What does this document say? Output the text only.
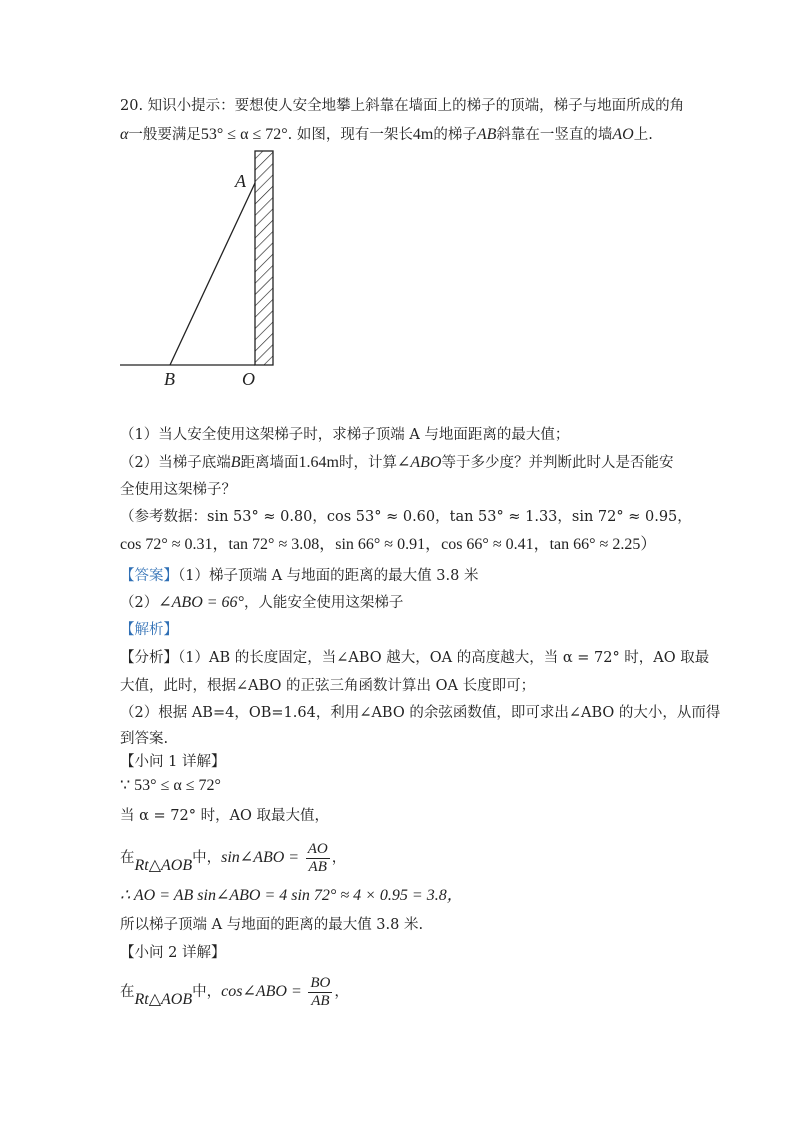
20. 知识小提示：要想使人安全地攀上斜靠在墙面上的梯子的顶端，梯子与地面所成的角
α一般要满足53° ≤ α ≤ 72°. 如图，现有一架长4m的梯子AB斜靠在一竖直的墙AO上.
A
B	O
（1）当人安全使用这架梯子时，求梯子顶端 A 与地面距离的最大值；
（2）当梯子底端B距离墙面1.64m时，计算∠ABO等于多少度？并判断此时人是否能安
全使用这架梯子？
（参考数据：sin 53° ≈ 0.80，cos 53° ≈ 0.60，tan 53° ≈ 1.33，sin 72° ≈ 0.95，
cos 72° ≈ 0.31，tan 72° ≈ 3.08，sin 66° ≈ 0.91，cos 66° ≈ 0.41，tan 66° ≈ 2.25）
【答案】（1）梯子顶端 A 与地面的距离的最大值 3.8 米
（2）∠ABO = 66°，人能安全使用这架梯子
【解析】
【分析】（1）AB 的长度固定，当∠ABO 越大，OA 的高度越大，当 α = 72° 时，AO 取最
大值，此时，根据∠ABO 的正弦三角函数计算出 OA 长度即可；
（2）根据 AB=4，OB=1.64，利用∠ABO 的余弦函数值，即可求出∠ABO 的大小，从而得
到答案.
【小问 1 详解】
∵ 53° ≤ α ≤ 72°
当 α = 72° 时，AO 取最大值，
在Rt△AOB中，sin∠ABO = $\frac{AO}{AB}$ ，
∴ AO = AB sin∠ABO = 4 sin 72° ≈ 4 × 0.95 = 3.8，
所以梯子顶端 A 与地面的距离的最大值 3.8 米.
【小问 2 详解】
在Rt△AOB中，cos∠ABO = $\frac{BO}{AB}$ ，
